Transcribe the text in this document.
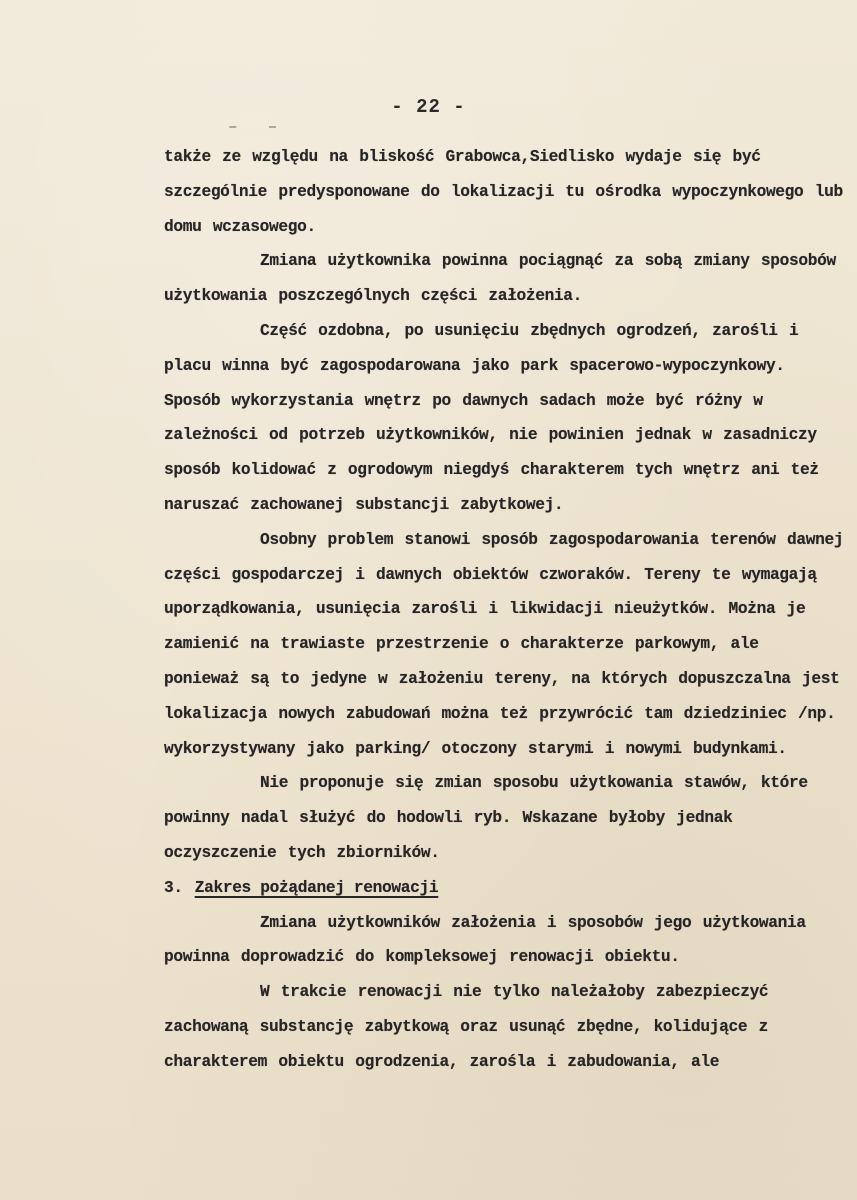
- 22 -
––

także ze względu na bliskość Grabowca,Siedlisko wydaje się być szczególnie predysponowane do lokalizacji tu ośrodka wypoczynkowego lub domu wczasowego.

Zmiana użytkownika powinna pociągnąć za sobą zmiany sposobów użytkowania poszczególnych części założenia.

Część ozdobna, po usunięciu zbędnych ogrodzeń, zarośli i placu winna być zagospodarowana jako park spacerowo-wypoczynkowy. Sposób wykorzystania wnętrz po dawnych sadach może być różny w zależności od potrzeb użytkowników, nie powinien jednak w zasadniczy sposób kolidować z ogrodowym niegdyś charakterem tych wnętrz ani też naruszać zachowanej substancji zabytkowej.

Osobny problem stanowi sposób zagospodarowania terenów dawnej części gospodarczej i dawnych obiektów czworaków. Tereny te wymagają uporządkowania, usunięcia zarośli i likwidacji nieużytków. Można je zamienić na trawiaste przestrzenie o charakterze parkowym, ale ponieważ są to jedyne w założeniu tereny, na których dopuszczalna jest lokalizacja nowych zabudowań można też przywrócić tam dziedziniec /np. wykorzystywany jako parking/ otoczony starymi i nowymi budynkami.

Nie proponuje się zmian sposobu użytkowania stawów, które powinny nadal służyć do hodowli ryb. Wskazane byłoby jednak oczyszczenie tych zbiorników.

3. Zakres pożądanej renowacji

Zmiana użytkowników założenia i sposobów jego użytkowania powinna doprowadzić do kompleksowej renowacji obiektu.

W trakcie renowacji nie tylko należałoby zabezpieczyć zachowaną substancję zabytkową oraz usunąć zbędne, kolidujące z charakterem obiektu ogrodzenia, zarośla i zabudowania, ale
